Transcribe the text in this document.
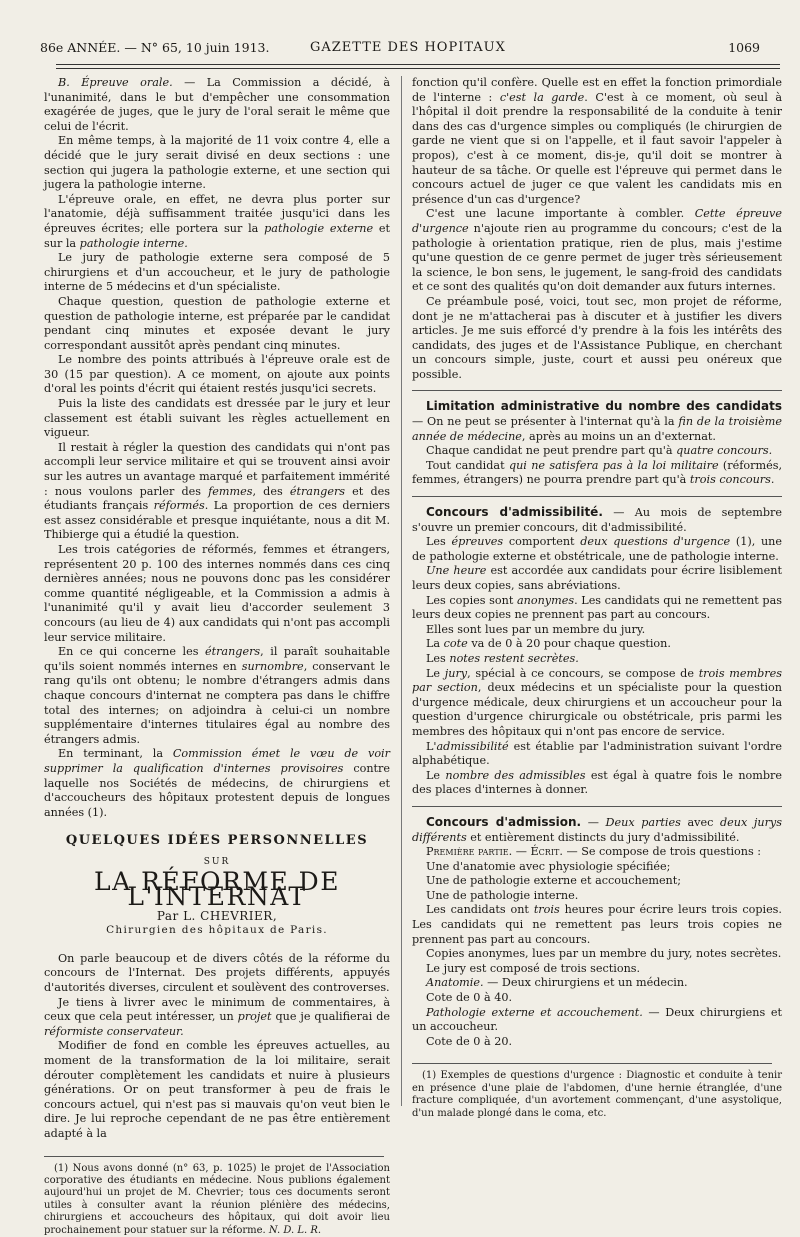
86e ANNÉE. — N° 65, 10 juin 1913.	GAZETTE DES HOPITAUX	1069

B. Épreuve orale. — La Commission a décidé, à l'unanimité, dans le but d'empêcher une consommation exagérée de juges, que le jury de l'oral serait le même que celui de l'écrit.

En même temps, à la majorité de 11 voix contre 4, elle a décidé que le jury serait divisé en deux sections : une section qui jugera la pathologie externe, et une section qui jugera la pathologie interne.

L'épreuve orale, en effet, ne devra plus porter sur l'anatomie, déjà suffisamment traitée jusqu'ici dans les épreuves écrites; elle portera sur la pathologie externe et sur la pathologie interne.

Le jury de pathologie externe sera composé de 5 chirurgiens et d'un accoucheur, et le jury de pathologie interne de 5 médecins et d'un spécialiste.

Chaque question, question de pathologie externe et question de pathologie interne, est préparée par le candidat pendant cinq minutes et exposée devant le jury correspondant aussitôt après pendant cinq minutes.

Le nombre des points attribués à l'épreuve orale est de 30 (15 par question). A ce moment, on ajoute aux points d'oral les points d'écrit qui étaient restés jusqu'ici secrets.

Puis la liste des candidats est dressée par le jury et leur classement est établi suivant les règles actuellement en vigueur.

Il restait à régler la question des candidats qui n'ont pas accompli leur service militaire et qui se trouvent ainsi avoir sur les autres un avantage marqué et parfaitement immérité : nous voulons parler des femmes, des étrangers et des étudiants français réformés. La proportion de ces derniers est assez considérable et presque inquiétante, nous a dit M. Thibierge qui a étudié la question.

Les trois catégories de réformés, femmes et étrangers, représentent 20 p. 100 des internes nommés dans ces cinq dernières années; nous ne pouvons donc pas les considérer comme quantité négligeable, et la Commission a admis à l'unanimité qu'il y avait lieu d'accorder seulement 3 concours (au lieu de 4) aux candidats qui n'ont pas accompli leur service militaire.

En ce qui concerne les étrangers, il paraît souhaitable qu'ils soient nommés internes en surnombre, conservant le rang qu'ils ont obtenu; le nombre d'étrangers admis dans chaque concours d'internat ne comptera pas dans le chiffre total des internes; on adjoindra à celui-ci un nombre supplémentaire d'internes titulaires égal au nombre des étrangers admis.

En terminant, la Commission émet le vœu de voir supprimer la qualification d'internes provisoires contre laquelle nos Sociétés de médecins, de chirurgiens et d'accoucheurs des hôpitaux protestent depuis de longues années (1).

QUELQUES IDÉES PERSONNELLES

SUR

LA RÉFORME DE L'INTERNAT

Par L. CHEVRIER,

Chirurgien des hôpitaux de Paris.

On parle beaucoup et de divers côtés de la réforme du concours de l'Internat. Des projets différents, appuyés d'autorités diverses, circulent et soulèvent des controverses.

Je tiens à livrer avec le minimum de commentaires, à ceux que cela peut intéresser, un projet que je qualifierai de réformiste conservateur.

Modifier de fond en comble les épreuves actuelles, au moment de la transformation de la loi militaire, serait dérouter complètement les candidats et nuire à plusieurs générations. Or on peut transformer à peu de frais le concours actuel, qui n'est pas si mauvais qu'on veut bien le dire. Je lui reproche cependant de ne pas être entièrement adapté à la

(1) Nous avons donné (n° 63, p. 1025) le projet de l'Association corporative des étudiants en médecine. Nous publions également aujourd'hui un projet de M. Chevrier; tous ces documents seront utiles à consulter avant la réunion plénière des médecins, chirurgiens et accoucheurs des hôpitaux, qui doit avoir lieu prochainement pour statuer sur la réforme. N. D. L. R.

fonction qu'il confère. Quelle est en effet la fonction primordiale de l'interne : c'est la garde. C'est à ce moment, où seul à l'hôpital il doit prendre la responsabilité de la conduite à tenir dans des cas d'urgence simples ou compliqués (le chirurgien de garde ne vient que si on l'appelle, et il faut savoir l'appeler à propos), c'est à ce moment, dis-je, qu'il doit se montrer à hauteur de sa tâche. Or quelle est l'épreuve qui permet dans le concours actuel de juger ce que valent les candidats mis en présence d'un cas d'urgence?

C'est une lacune importante à combler. Cette épreuve d'urgence n'ajoute rien au programme du concours; c'est de la pathologie à orientation pratique, rien de plus, mais j'estime qu'une question de ce genre permet de juger très sérieusement la science, le bon sens, le jugement, le sang-froid des candidats et ce sont des qualités qu'on doit demander aux futurs internes.

Ce préambule posé, voici, tout sec, mon projet de réforme, dont je ne m'attacherai pas à discuter et à justifier les divers articles. Je me suis efforcé d'y prendre à la fois les intérêts des candidats, des juges et de l'Assistance Publique, en cherchant un concours simple, juste, court et aussi peu onéreux que possible.

Limitation administrative du nombre des candidats — On ne peut se présenter à l'internat qu'à la fin de la troisième année de médecine, après au moins un an d'externat.

Chaque candidat ne peut prendre part qu'à quatre concours.

Tout candidat qui ne satisfera pas à la loi militaire (réformés, femmes, étrangers) ne pourra prendre part qu'à trois concours.

Concours d'admissibilité. — Au mois de septembre s'ouvre un premier concours, dit d'admissibilité.

Les épreuves comportent deux questions d'urgence (1), une de pathologie externe et obstétricale, une de pathologie interne.

Une heure est accordée aux candidats pour écrire lisiblement leurs deux copies, sans abréviations.

Les copies sont anonymes. Les candidats qui ne remettent pas leurs deux copies ne prennent pas part au concours.

Elles sont lues par un membre du jury.

La cote va de 0 à 20 pour chaque question.

Les notes restent secrètes.

Le jury, spécial à ce concours, se compose de trois membres par section, deux médecins et un spécialiste pour la question d'urgence médicale, deux chirurgiens et un accoucheur pour la question d'urgence chirurgicale ou obstétricale, pris parmi les membres des hôpitaux qui n'ont pas encore de service.

L'admissibilité est établie par l'administration suivant l'ordre alphabétique.

Le nombre des admissibles est égal à quatre fois le nombre des places d'internes à donner.

Concours d'admission. — Deux parties avec deux jurys différents et entièrement distincts du jury d'admissibilité.

Première partie. — Écrit. — Se compose de trois questions :

Une d'anatomie avec physiologie spécifiée;

Une de pathologie externe et accouchement;

Une de pathologie interne.

Les candidats ont trois heures pour écrire leurs trois copies. Les candidats qui ne remettent pas leurs trois copies ne prennent pas part au concours.

Copies anonymes, lues par un membre du jury, notes secrètes.

Le jury est composé de trois sections.

Anatomie. — Deux chirurgiens et un médecin.

Cote de 0 à 40.

Pathologie externe et accouchement. — Deux chirurgiens et un accoucheur.

Cote de 0 à 20.

(1) Exemples de questions d'urgence : Diagnostic et conduite à tenir en présence d'une plaie de l'abdomen, d'une hernie étranglée, d'une fracture compliquée, d'un avortement commençant, d'une asystolique, d'un malade plongé dans le coma, etc.
